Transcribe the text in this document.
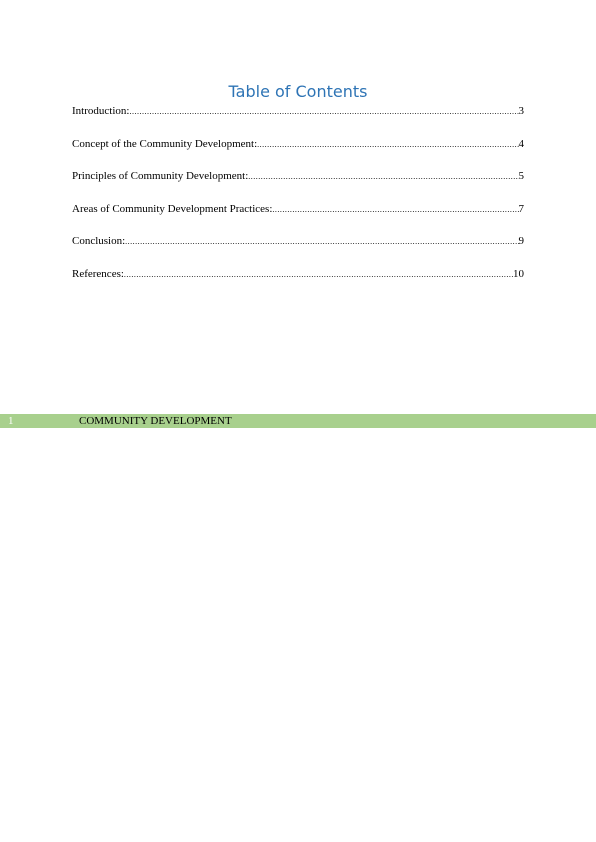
Table of Contents
Introduction: .....	3
Concept of the Community Development: .....	4
Principles of Community Development: .....	5
Areas of Community Development Practices: .....	7
Conclusion: .....	9
References: .....	10
1	COMMUNITY DEVELOPMENT
